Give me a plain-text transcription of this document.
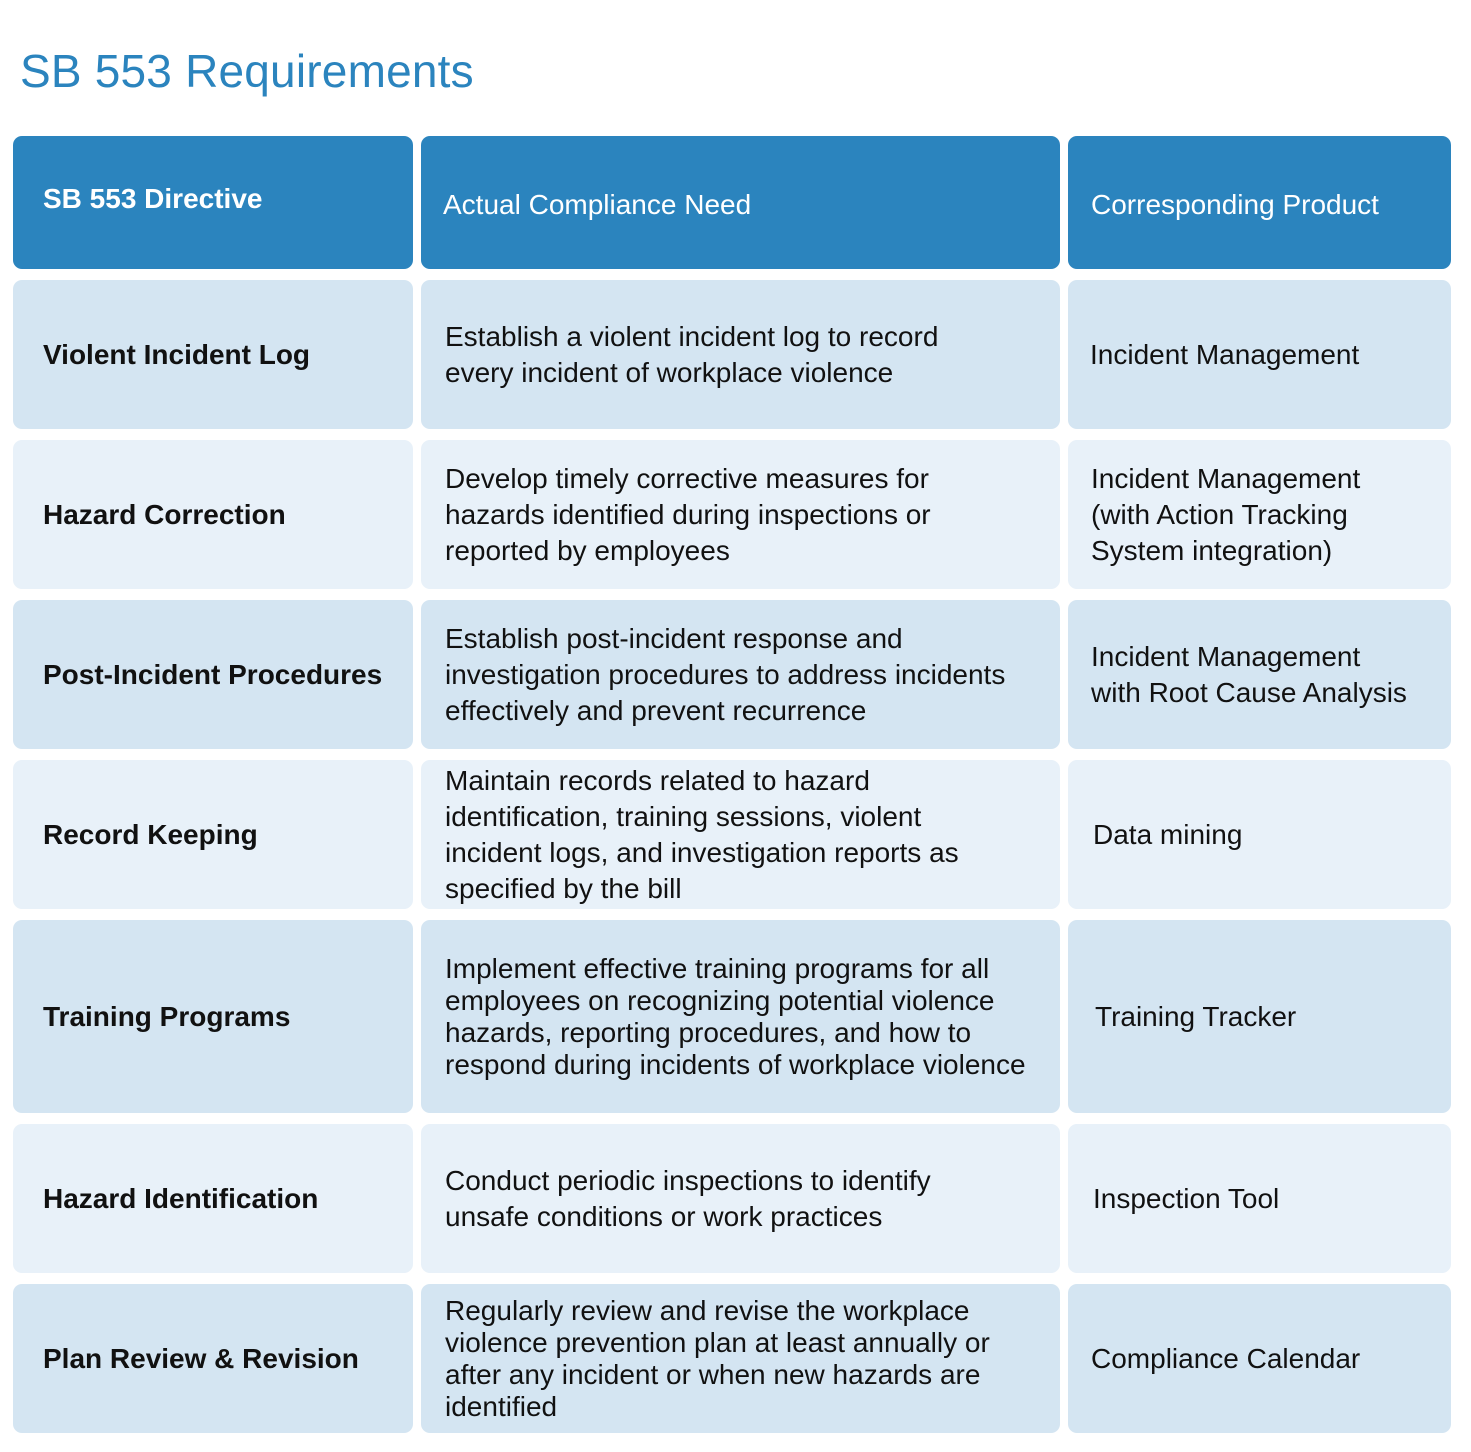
SB 553 Requirements
SB 553 Directive	Actual Compliance Need	Corresponding Product
Violent Incident Log
Establish a violent incident log to record every incident of workplace violence
Incident Management
Hazard Correction
Develop timely corrective measures for hazards identified during inspections or reported by employees
Incident Management (with Action Tracking System integration)
Post-Incident Procedures
Establish post-incident response and investigation procedures to address incidents effectively and prevent recurrence
Incident Management with Root Cause Analysis
Record Keeping
Maintain records related to hazard identification, training sessions, violent incident logs, and investigation reports as specified by the bill
Data mining
Training Programs
Implement effective training programs for all employees on recognizing potential violence hazards, reporting procedures, and how to respond during incidents of workplace violence
Training Tracker
Hazard Identification
Conduct periodic inspections to identify unsafe conditions or work practices
Inspection Tool
Plan Review & Revision
Regularly review and revise the workplace violence prevention plan at least annually or after any incident or when new hazards are identified
Compliance Calendar
